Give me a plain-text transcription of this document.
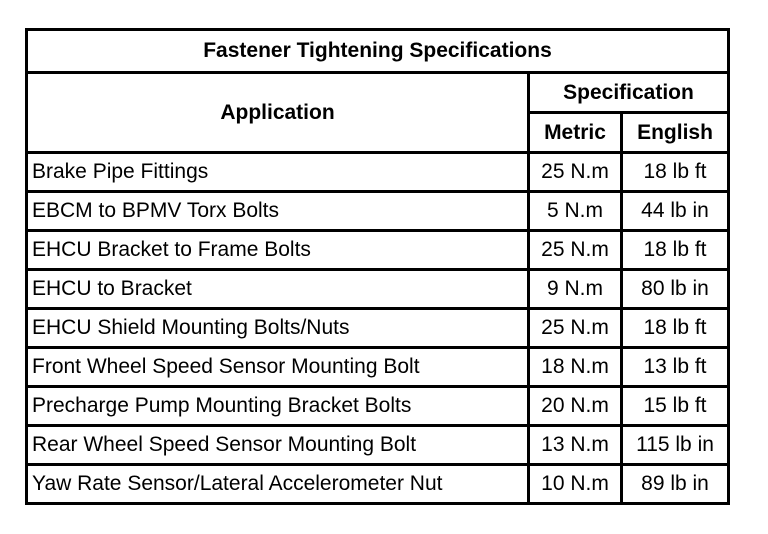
Fastener Tightening Specifications		
Application	Specification	
	Metric	English
Brake Pipe Fittings	25 N.m	18 lb ft
EBCM to BPMV Torx Bolts	5 N.m	44 lb in
EHCU Bracket to Frame Bolts	25 N.m	18 lb ft
EHCU to Bracket	9 N.m	80 lb in
EHCU Shield Mounting Bolts/Nuts	25 N.m	18 lb ft
Front Wheel Speed Sensor Mounting Bolt	18 N.m	13 lb ft
Precharge Pump Mounting Bracket Bolts	20 N.m	15 lb ft
Rear Wheel Speed Sensor Mounting Bolt	13 N.m	115 lb in
Yaw Rate Sensor/Lateral Accelerometer Nut	10 N.m	89 lb in
